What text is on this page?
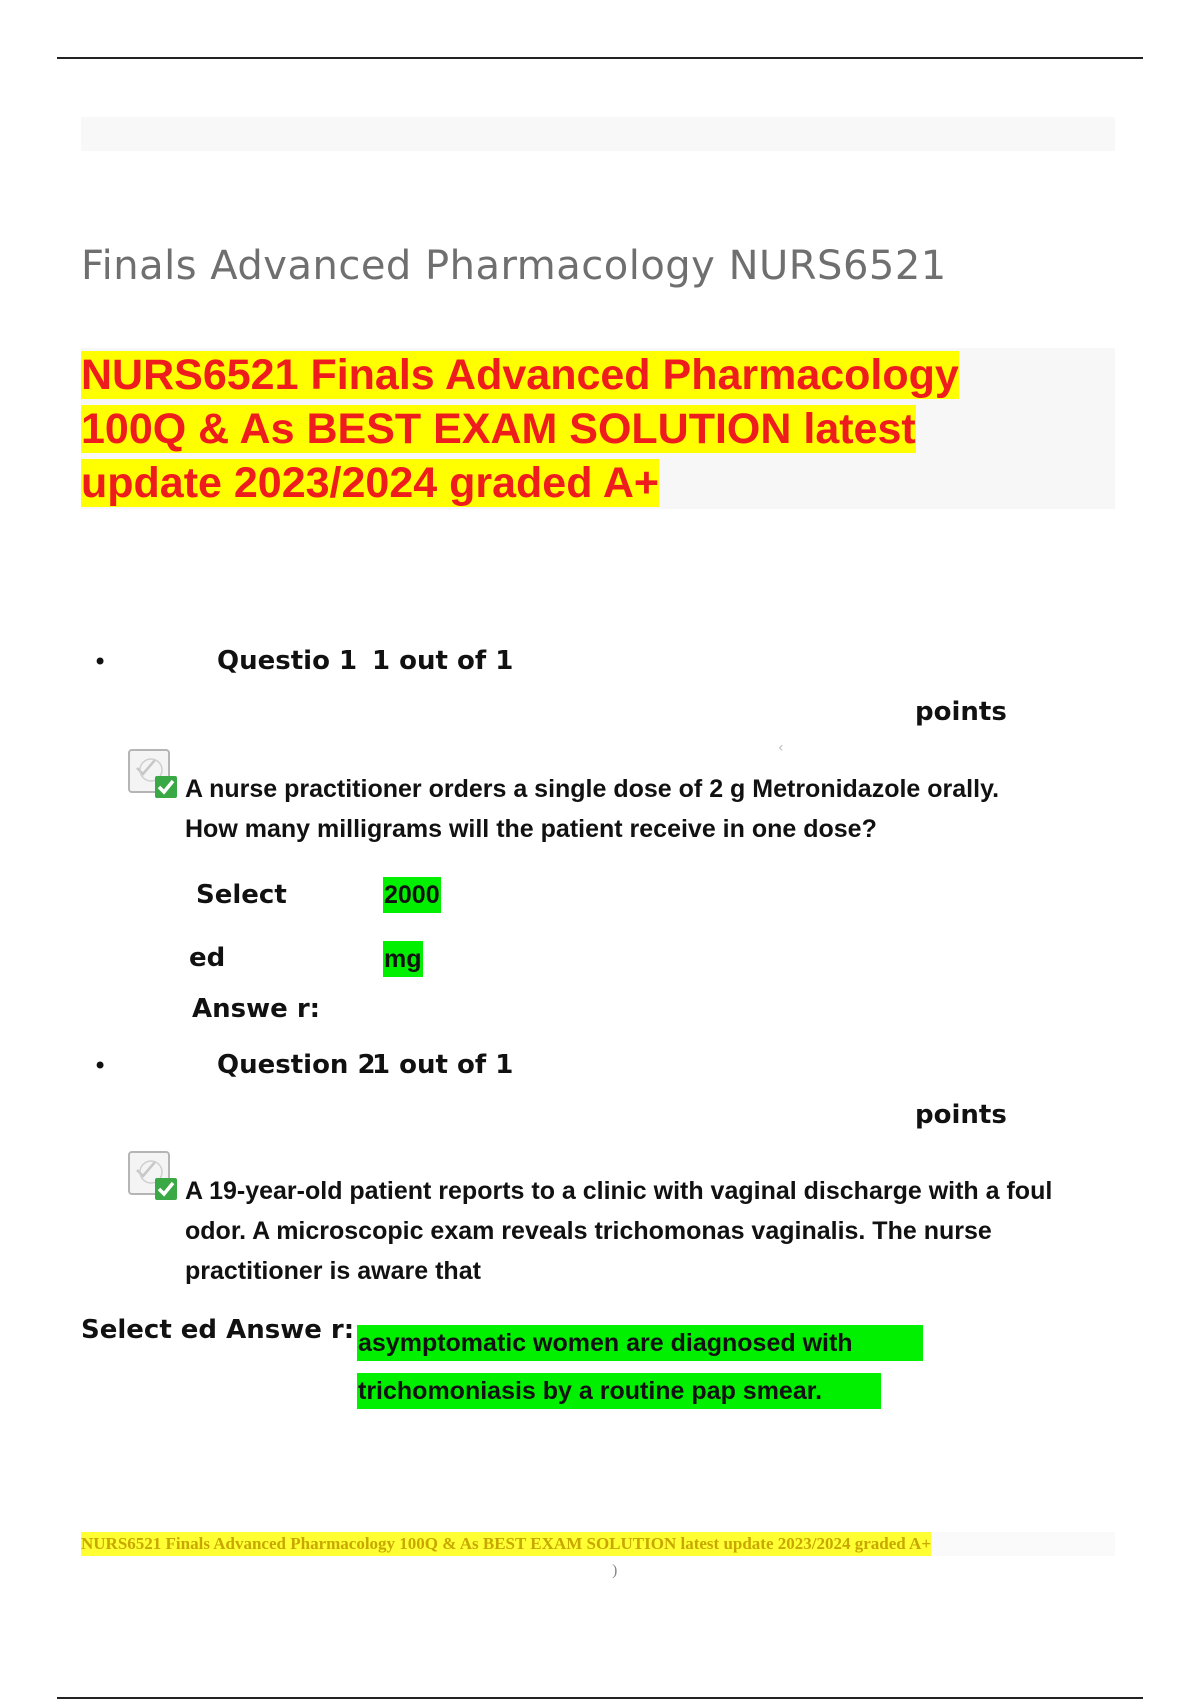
Finals Advanced Pharmacology NURS6521

NURS6521 Finals Advanced Pharmacology
100Q & As BEST EXAM SOLUTION latest
update 2023/2024 graded A+

•	Questio 1 1 out of 1
points
‹

A nurse practitioner orders a single dose of 2 g Metronidazole orally.
How many milligrams will the patient receive in one dose?

Select
ed
Answe r:
2000
mg
•	Question 2
1 out of 1
points

A 19-year-old patient reports to a clinic with vaginal discharge with a foul
odor. A microscopic exam reveals trichomonas vaginalis. The nurse
practitioner is aware that

Select ed Answe r: asymptomatic women are diagnosed with
trichomoniasis by a routine pap smear.
NURS6521 Finals Advanced Pharmacology 100Q & As BEST EXAM SOLUTION latest update 2023/2024 graded A+
)
